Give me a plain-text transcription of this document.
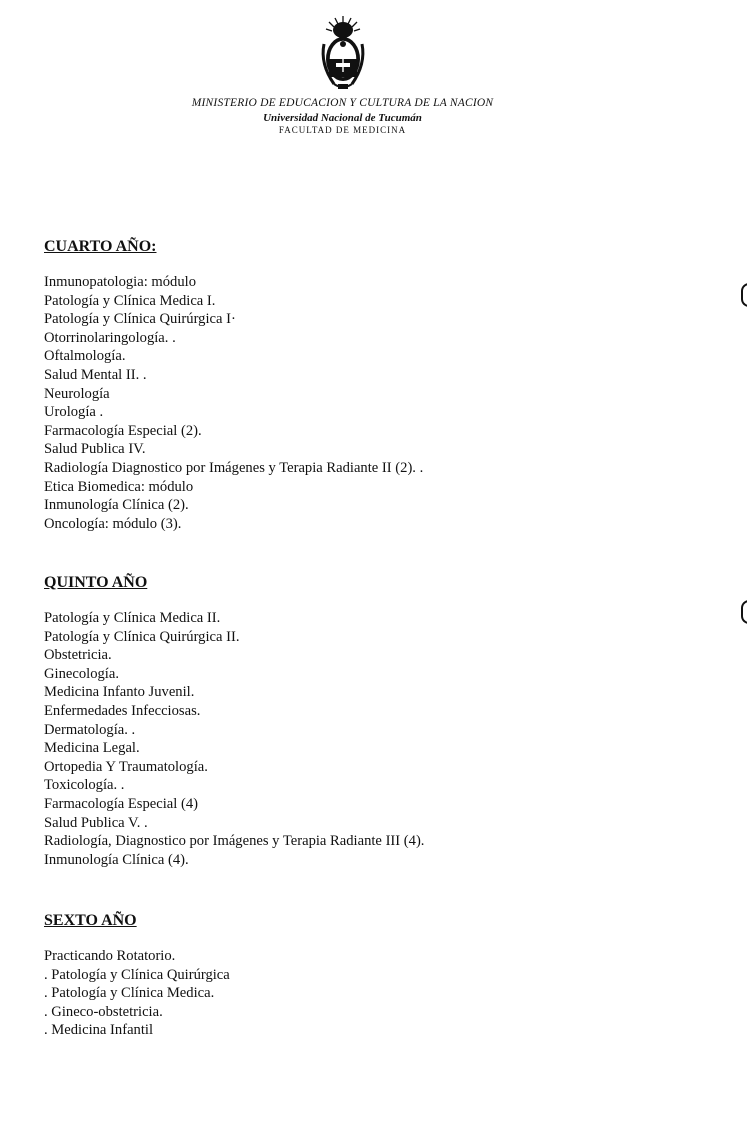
MINISTERIO DE EDUCACION Y CULTURA DE LA NACION
Universidad Nacional de Tucumán
FACULTAD DE MEDICINA
CUARTO AÑO:
Inmunopatologia: módulo
Patología y Clínica Medica I.
Patología y Clínica Quirúrgica I·
Otorrinolaringología. .
Oftalmología.
Salud Mental II. .
Neurología
Urología .
Farmacología Especial (2).
Salud Publica IV.
Radiología Diagnostico por Imágenes y Terapia Radiante II (2). .
Etica Biomedica: módulo
Inmunología Clínica (2).
Oncología: módulo (3).
QUINTO AÑO
Patología y Clínica Medica II.
Patología y Clínica Quirúrgica II.
Obstetricia.
Ginecología.
Medicina Infanto Juvenil.
Enfermedades Infecciosas.
Dermatología. .
Medicina Legal.
Ortopedia Y Traumatología.
Toxicología. .
Farmacología Especial (4)
Salud Publica V. .
Radiología, Diagnostico por Imágenes y Terapia Radiante III (4).
Inmunología Clínica (4).
SEXTO AÑO
Practicando Rotatorio.
. Patología y Clínica Quirúrgica
. Patología y Clínica Medica.
. Gineco-obstetricia.
. Medicina Infantil
